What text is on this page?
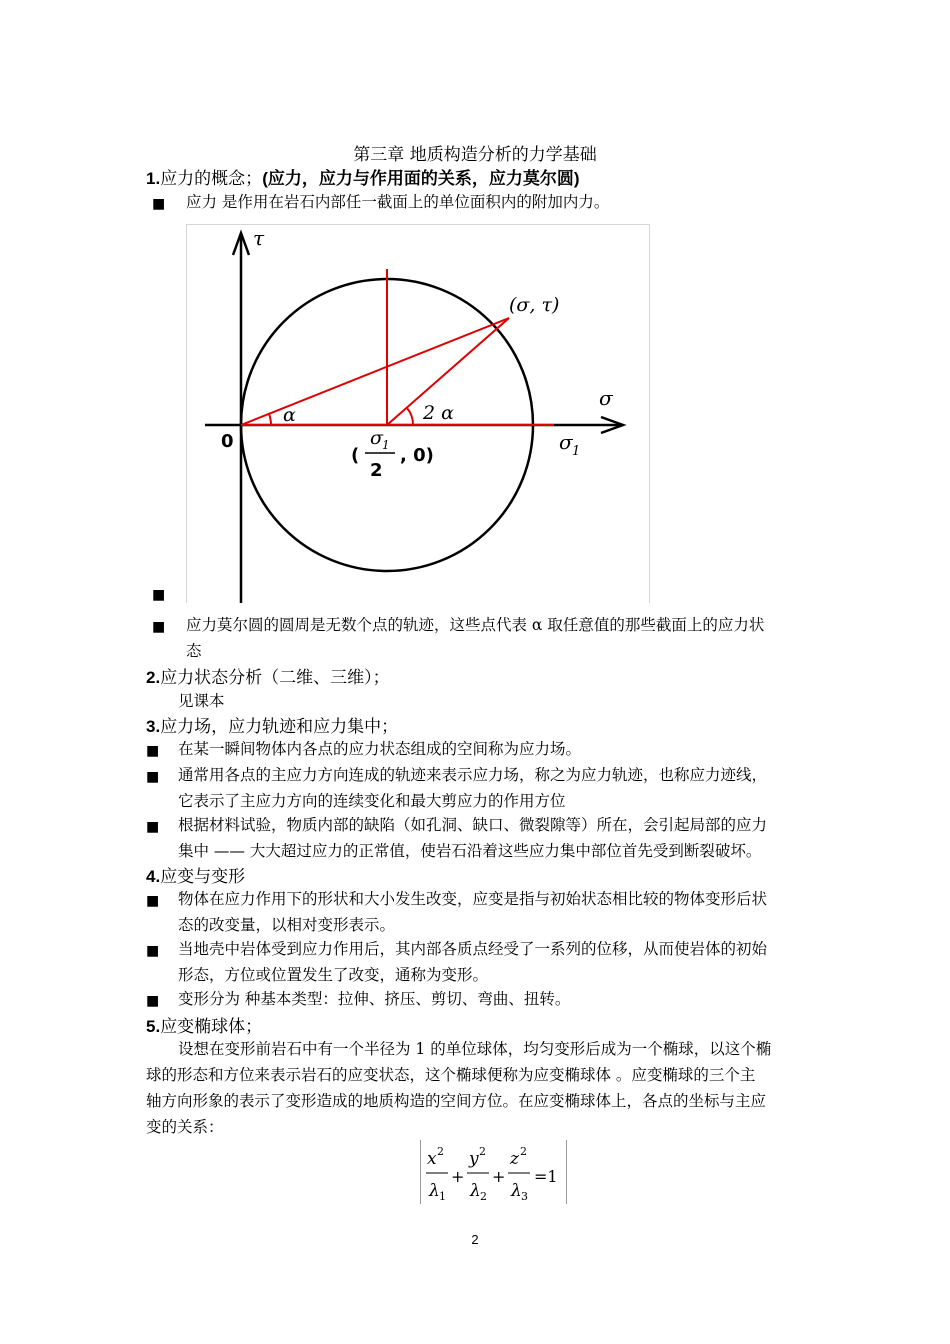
第三章 地质构造分析的力学基础
1.应力的概念；(应力，应力与作用面的关系，应力莫尔圆)
■ 应力 是作用在岩石内部任一截面上的单位面积内的附加内力。
τ
σ
(σ, τ)
α	2 α
σ 1
σ 1
0
(
2
, 0)
■
■ 应力莫尔圆的圆周是无数个点的轨迹，这些点代表 α 取任意值的那些截面上的应力状
态
2.应力状态分析（二维、三维）；
见课本
3.应力场，应力轨迹和应力集中；
■ 在某一瞬间物体内各点的应力状态组成的空间称为应力场。
■ 通常用各点的主应力方向连成的轨迹来表示应力场，称之为应力轨迹，也称应力迹线，
它表示了主应力方向的连续变化和最大剪应力的作用方位
■ 根据材料试验，物质内部的缺陷（如孔洞、缺口、微裂隙等）所在，会引起局部的应力
集中 —— 大大超过应力的正常值，使岩石沿着这些应力集中部位首先受到断裂破坏。
4.应变与变形
■ 物体在应力作用下的形状和大小发生改变，应变是指与初始状态相比较的物体变形后状
态的改变量，以相对变形表示。
■ 当地壳中岩体受到应力作用后，其内部各质点经受了一系列的位移，从而使岩体的初始
形态，方位或位置发生了改变，通称为变形。
■ 变形分为 种基本类型：拉伸、挤压、剪切、弯曲、扭转。
5.应变椭球体；
设想在变形前岩石中有一个半径为 1 的单位球体，均匀变形后成为一个椭球，以这个椭
球的形态和方位来表示岩石的应变状态，这个椭球便称为应变椭球体 。应变椭球的三个主
轴方向形象的表示了变形造成的地质构造的空间方位。在应变椭球体上，各点的坐标与主应
变的关系：
x 2
λ 1
+
y 2
λ 2
+
z 2
λ 3
=1
2
